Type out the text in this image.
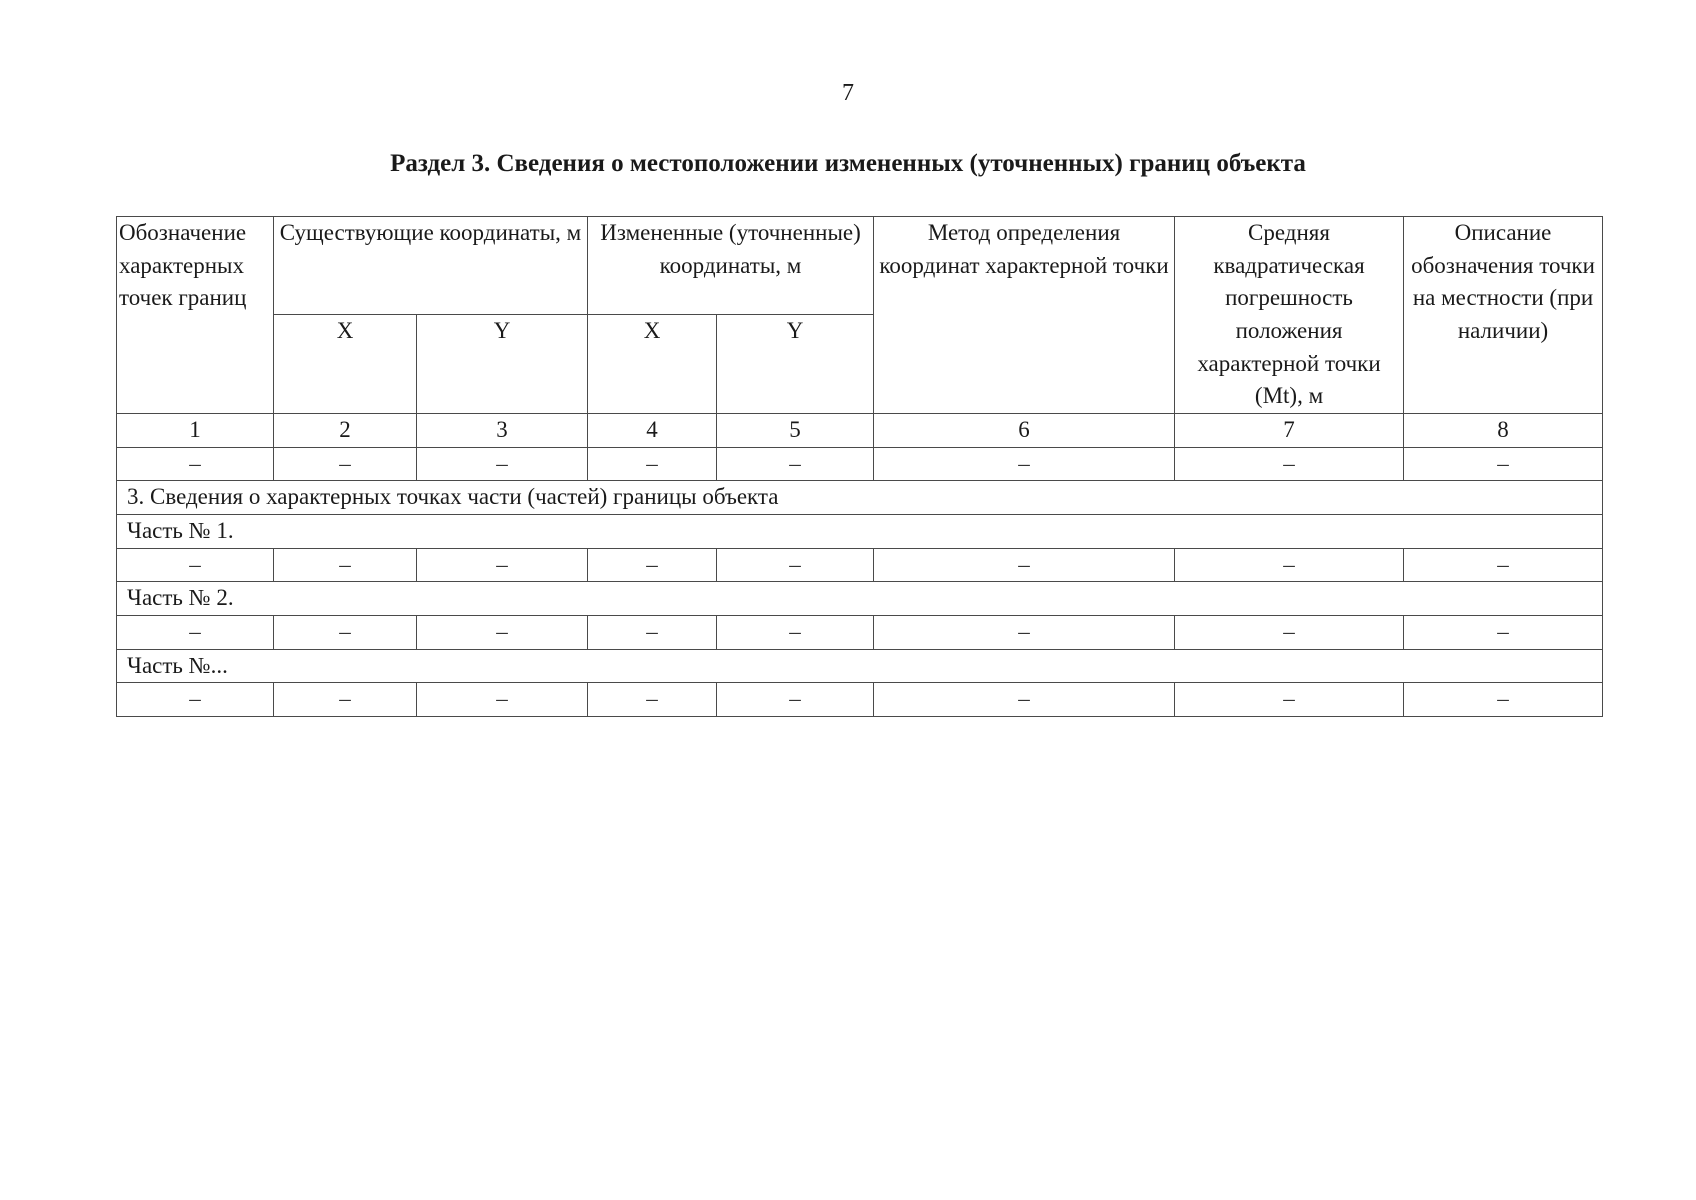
7
Раздел 3. Сведения о местоположении измененных (уточненных) границ объекта
Обозначение характерных точек границ	Существующие координаты, м		Измененные (уточненные) координаты, м		Метод определения координат характерной точки	Средняя квадратическая погрешность положения характерной точки (Mt), м	Описание обозначения точки на местности (при наличии)
	X	Y	X	Y			
1	2	3	4	5	6	7	8
–	–	–	–	–	–	–	–
3. Сведения о характерных точках части (частей) границы объекта							
Часть № 1.							
–	–	–	–	–	–	–	–
Часть № 2.							
–	–	–	–	–	–	–	–
Часть №...							
–	–	–	–	–	–	–	–
